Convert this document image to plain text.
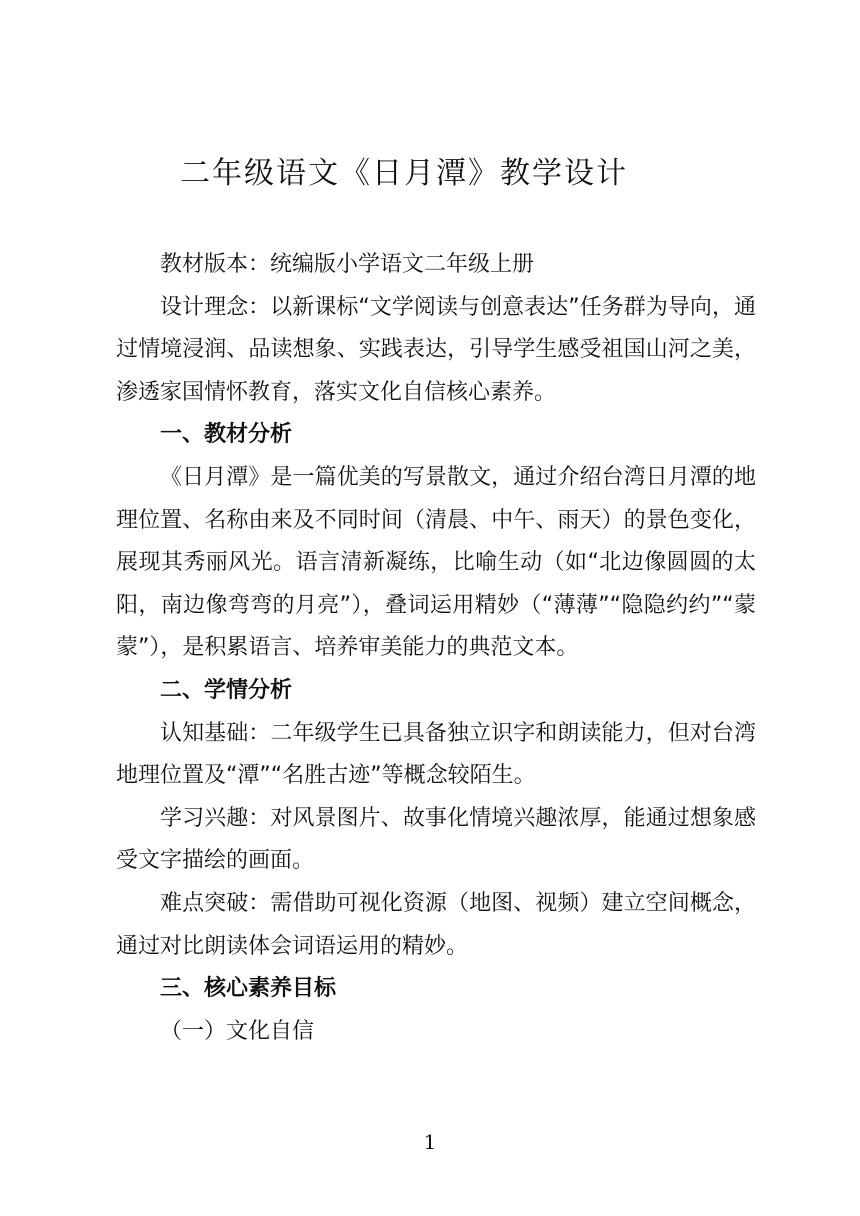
二年级语文《日月潭》教学设计

教材版本：统编版小学语文二年级上册

设计理念：以新课标“文学阅读与创意表达”任务群为导向，通过情境浸润、品读想象、实践表达，引导学生感受祖国山河之美，渗透家国情怀教育，落实文化自信核心素养。

一、教材分析

《日月潭》是一篇优美的写景散文，通过介绍台湾日月潭的地理位置、名称由来及不同时间（清晨、中午、雨天）的景色变化，展现其秀丽风光。语言清新凝练，比喻生动（如“北边像圆圆的太阳，南边像弯弯的月亮”），叠词运用精妙（“薄薄”“隐隐约约”“蒙蒙”），是积累语言、培养审美能力的典范文本。

二、学情分析

认知基础：二年级学生已具备独立识字和朗读能力，但对台湾地理位置及“潭”“名胜古迹”等概念较陌生。

学习兴趣：对风景图片、故事化情境兴趣浓厚，能通过想象感受文字描绘的画面。

难点突破：需借助可视化资源（地图、视频）建立空间概念，通过对比朗读体会词语运用的精妙。

三、核心素养目标

（一）文化自信

1
